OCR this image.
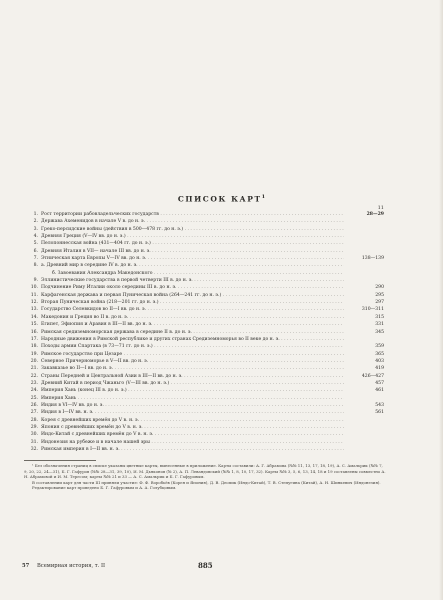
СПИСОК КАРТ$^1$
11
1. Рост территории рабовладельческих государств . . .	28—29
2. Держава Ахеменидов в начале V в. до н. э. . . .
3. Греко-персидские войны (действия в 500—478 гг. до н. э.) . . .
4. Древняя Греция (V—IV вв. до н. э.) . . .
5. Пелопоннесская война (431—404 гг. до н. э.) . . .
6. Древняя Италия в VII— начале III вв. до н. э. . . .
7. Этническая карта Европы V—IV вв. до н. э. . . .	138—139
8. а. Древний мир в середине IV в. до н. э. . . .
б. Завоевания Александра Македонского . . .
9. Эллинистические государства в первой четверти III в. до н. э. . . .
10. Подчинение Риму Италии около середины III в. до н. э. . . .	290
11. Карфагенская держава и первая Пуническая война (264—241 гг. до н. э.) . . .	295
12. Вторая Пуническая война (218—201 гг. до н. э.) . . .	297
13. Государство Селевкидов во II—I вв. до н. э. . . .	310—311
14. Македония и Греция во II в. до н. э. . . .	315
15. Египет, Эфиопия и Аравия в III—II вв. до н. э. . . .	331
16. Римская средиземноморская держава в середине II в. до н. э. . . .	345
17. Народные движения в Римской республике и других странах Средиземноморья во II веке до н. э. . . .
18. Походы армии Спартака (в 73—71 гг. до н. э.) . . .	359
19. Римское государство при Цезаре . . .	365
20. Северное Причерноморье в V—II вв. до н. э. . . .	403
21. Закавказье во II—I вв. до н. э. . . .	419
22. Страны Передней и Центральной Азии в III—II вв. до н. э. . . .	426—427
23. Древний Китай в период Чжаньго (V—III вв. до н. э.) . . .	457
24. Империя Хань (конец III в. до н. э.) . . .	461
25. Империя Хань . . .
26. Индия в VI—IV вв. до н. э. . . .	543
27. Индия в I—IV вв. н. э. . . .	561
28. Корея с древнейших времён до V в. н. э. . . .
29. Япония с древнейших времён до V в. н. э. . . .
30. Индо-Китай с древнейших времён до V в. н. э. . . .
31. Индонезия на рубеже и в начале нашей эры . . .
32. Римская империя в I—II вв. н. э. . . .

¹ Без обозначения страниц в списке указаны цветные карты, вынесенные в приложение. Карты составили: А. Г. Абрамова (№№ 11, 13, 17, 18, 19), А. С. Амальрик (№№ 7, 9, 20, 22, 24—31), Б. Г. Гафуров (№№ 28—31, 39, 10), И. М. Дьяконов (№ 2), А. П. Левандовский (№№ 1, 8, 10, 17, 32). Карты №№ 3, 5, 6, 13, 14, 18 и 19 составлены совместно А. Н. Абрамовой и И. М. Тересом; карты №№ 21 и 33 — А. С. Амальрик и Б. Г. Гафуровым.

В составлении карт для части III приняли участие: Ф. Ф. Воробьёв (Корея и Япония), Д. В. Деопик (Индо-Китай), Т. В. Степугина (Китай), А. Н. Шинкевич (Индонезия).

Редактирование карт проведено Б. Г. Гафуровым и А. А. Голубцовым.

57 Всемирная история, т. II	885
